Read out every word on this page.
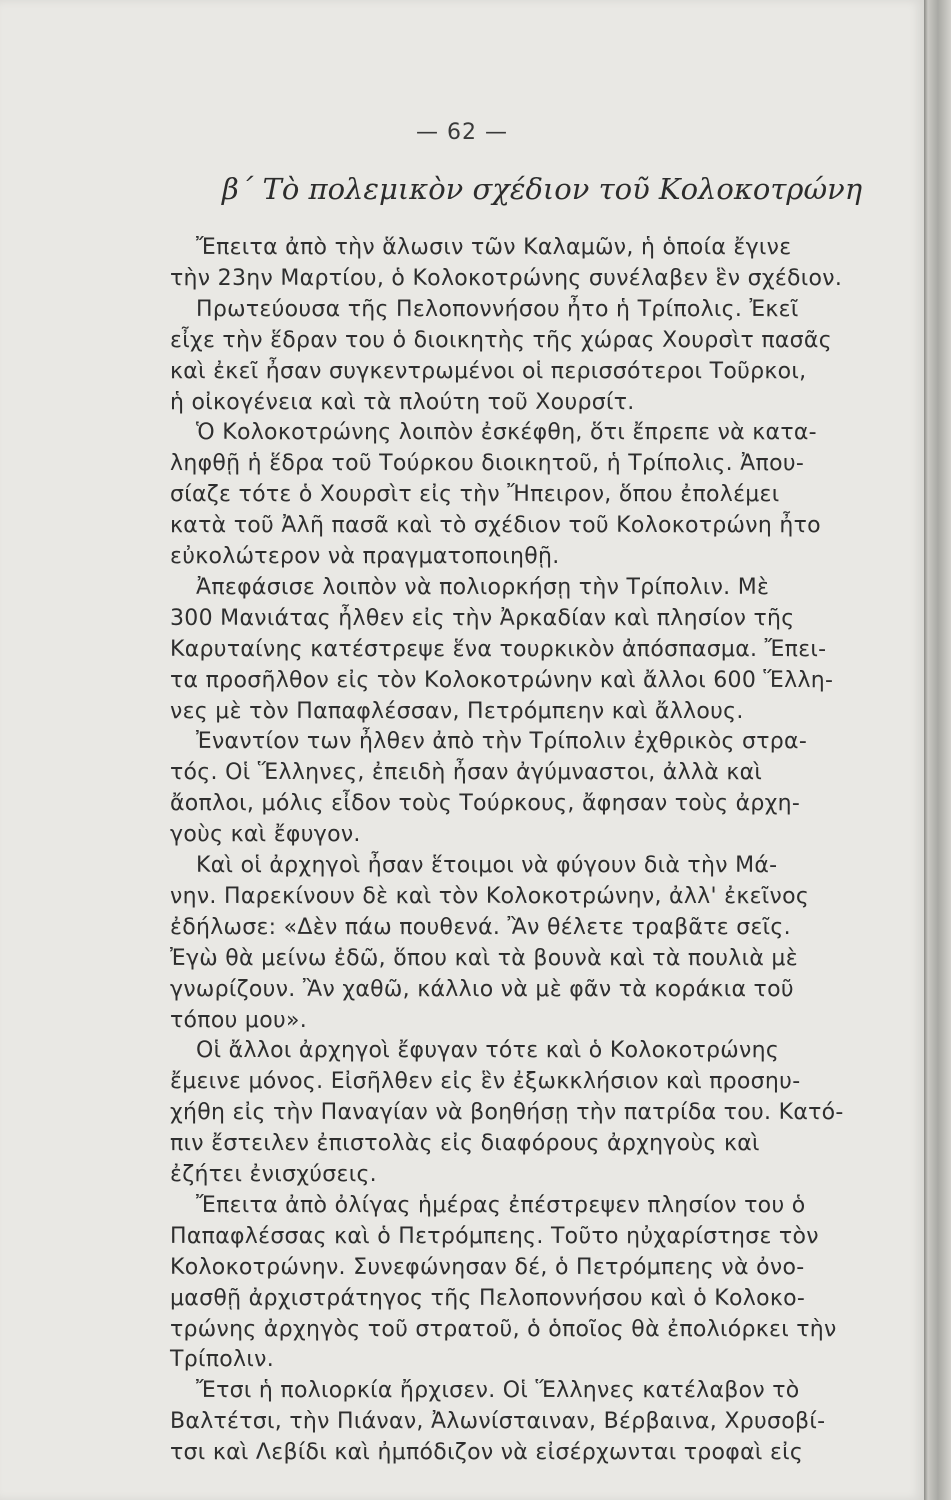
— 62 —
β΄ Τὸ πολεμικὸν σχέδιον τοῦ Κολοκοτρώνη
Ἔπειτα ἀπὸ τὴν ἅλωσιν τῶν Καλαμῶν, ἡ ὁποία ἔγινε
τὴν 23ην Μαρτίου, ὁ Κολοκοτρώνης συνέλαβεν ἓν σχέδιον.
Πρωτεύουσα τῆς Πελοποννήσου ἦτο ἡ Τρίπολις. Ἐκεῖ
εἶχε τὴν ἕδραν του ὁ διοικητὴς τῆς χώρας Χουρσὶτ πασᾶς
καὶ ἐκεῖ ἦσαν συγκεντρωμένοι οἱ περισσότεροι Τοῦρκοι,
ἡ οἰκογένεια καὶ τὰ πλούτη τοῦ Χουρσίτ.
Ὁ Κολοκοτρώνης λοιπὸν ἐσκέφθη, ὅτι ἔπρεπε νὰ κατα-
ληφθῇ ἡ ἕδρα τοῦ Τούρκου διοικητοῦ, ἡ Τρίπολις. Ἀπου-
σίαζε τότε ὁ Χουρσὶτ εἰς τὴν Ἤπειρον, ὅπου ἐπολέμει
κατὰ τοῦ Ἀλῆ πασᾶ καὶ τὸ σχέδιον τοῦ Κολοκοτρώνη ἦτο
εὐκολώτερον νὰ πραγματοποιηθῇ.
Ἀπεφάσισε λοιπὸν νὰ πολιορκήσῃ τὴν Τρίπολιν. Μὲ
300 Μανιάτας ἦλθεν εἰς τὴν Ἀρκαδίαν καὶ πλησίον τῆς
Καρυταίνης κατέστρεψε ἕνα τουρκικὸν ἀπόσπασμα. Ἔπει-
τα προσῆλθον εἰς τὸν Κολοκοτρώνην καὶ ἄλλοι 600 Ἕλλη-
νες μὲ τὸν Παπαφλέσσαν, Πετρόμπεην καὶ ἄλλους.
Ἐναντίον των ἦλθεν ἀπὸ τὴν Τρίπολιν ἐχθρικὸς στρα-
τός. Οἱ Ἕλληνες, ἐπειδὴ ἦσαν ἀγύμναστοι, ἀλλὰ καὶ
ἄοπλοι, μόλις εἶδον τοὺς Τούρκους, ἄφησαν τοὺς ἀρχη-
γοὺς καὶ ἔφυγον.
Καὶ οἱ ἀρχηγοὶ ἦσαν ἕτοιμοι νὰ φύγουν διὰ τὴν Μά-
νην. Παρεκίνουν δὲ καὶ τὸν Κολοκοτρώνην, ἀλλ' ἐκεῖνος
ἐδήλωσε: «Δὲν πάω πουθενά. Ἂν θέλετε τραβᾶτε σεῖς.
Ἐγὼ θὰ μείνω ἐδῶ, ὅπου καὶ τὰ βουνὰ καὶ τὰ πουλιὰ μὲ
γνωρίζουν. Ἂν χαθῶ, κάλλιο νὰ μὲ φᾶν τὰ κοράκια τοῦ
τόπου μου».
Οἱ ἄλλοι ἀρχηγοὶ ἔφυγαν τότε καὶ ὁ Κολοκοτρώνης
ἔμεινε μόνος. Εἰσῆλθεν εἰς ἓν ἐξωκκλήσιον καὶ προσηυ-
χήθη εἰς τὴν Παναγίαν νὰ βοηθήσῃ τὴν πατρίδα του. Κατό-
πιν ἔστειλεν ἐπιστολὰς εἰς διαφόρους ἀρχηγοὺς καὶ
ἐζήτει ἐνισχύσεις.
Ἔπειτα ἀπὸ ὀλίγας ἡμέρας ἐπέστρεψεν πλησίον του ὁ
Παπαφλέσσας καὶ ὁ Πετρόμπεης. Τοῦτο ηὐχαρίστησε τὸν
Κολοκοτρώνην. Συνεφώνησαν δέ, ὁ Πετρόμπεης νὰ ὀνο-
μασθῇ ἀρχιστράτηγος τῆς Πελοποννήσου καὶ ὁ Κολοκο-
τρώνης ἀρχηγὸς τοῦ στρατοῦ, ὁ ὁποῖος θὰ ἐπολιόρκει τὴν
Τρίπολιν.
Ἔτσι ἡ πολιορκία ἤρχισεν. Οἱ Ἕλληνες κατέλαβον τὸ
Βαλτέτσι, τὴν Πιάναν, Ἀλωνίσταιναν, Βέρβαινα, Χρυσοβί-
τσι καὶ Λεβίδι καὶ ἠμπόδιζον νὰ εἰσέρχωνται τροφαὶ εἰς
